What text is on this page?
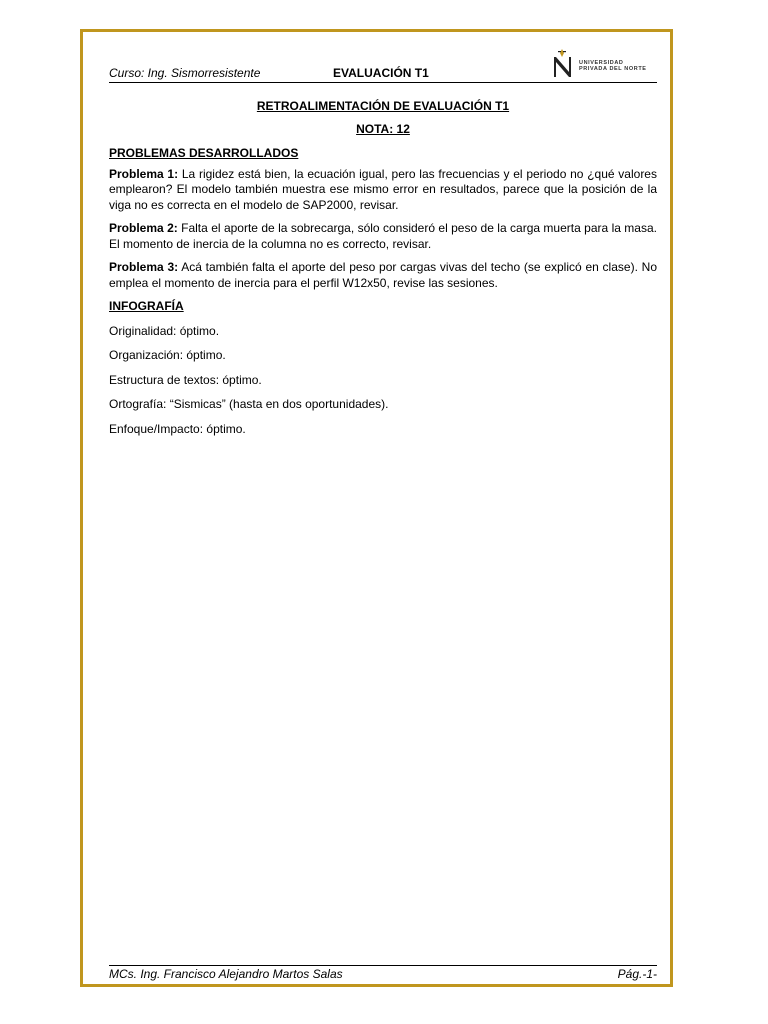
Curso: Ing. Sismorresistente	EVALUACIÓN T1
UNIVERSIDAD
PRIVADA DEL NORTE
RETROALIMENTACIÓN DE EVALUACIÓN T1
NOTA: 12
PROBLEMAS DESARROLLADOS

Problema 1: La rigidez está bien, la ecuación igual, pero las frecuencias y el periodo no ¿qué valores emplearon? El modelo también muestra ese mismo error en resultados, parece que la posición de la viga no es correcta en el modelo de SAP2000, revisar.

Problema 2: Falta el aporte de la sobrecarga, sólo consideró el peso de la carga muerta para la masa. El momento de inercia de la columna no es correcto, revisar.

Problema 3: Acá también falta el aporte del peso por cargas vivas del techo (se explicó en clase). No emplea el momento de inercia para el perfil W12x50, revise las sesiones.

INFOGRAFÍA
Originalidad: óptimo.
Organización: óptimo.
Estructura de textos: óptimo.
Ortografía: “Sismicas” (hasta en dos oportunidades).
Enfoque/Impacto: óptimo.
MCs. Ing. Francisco Alejandro Martos Salas	Pág.-1-
